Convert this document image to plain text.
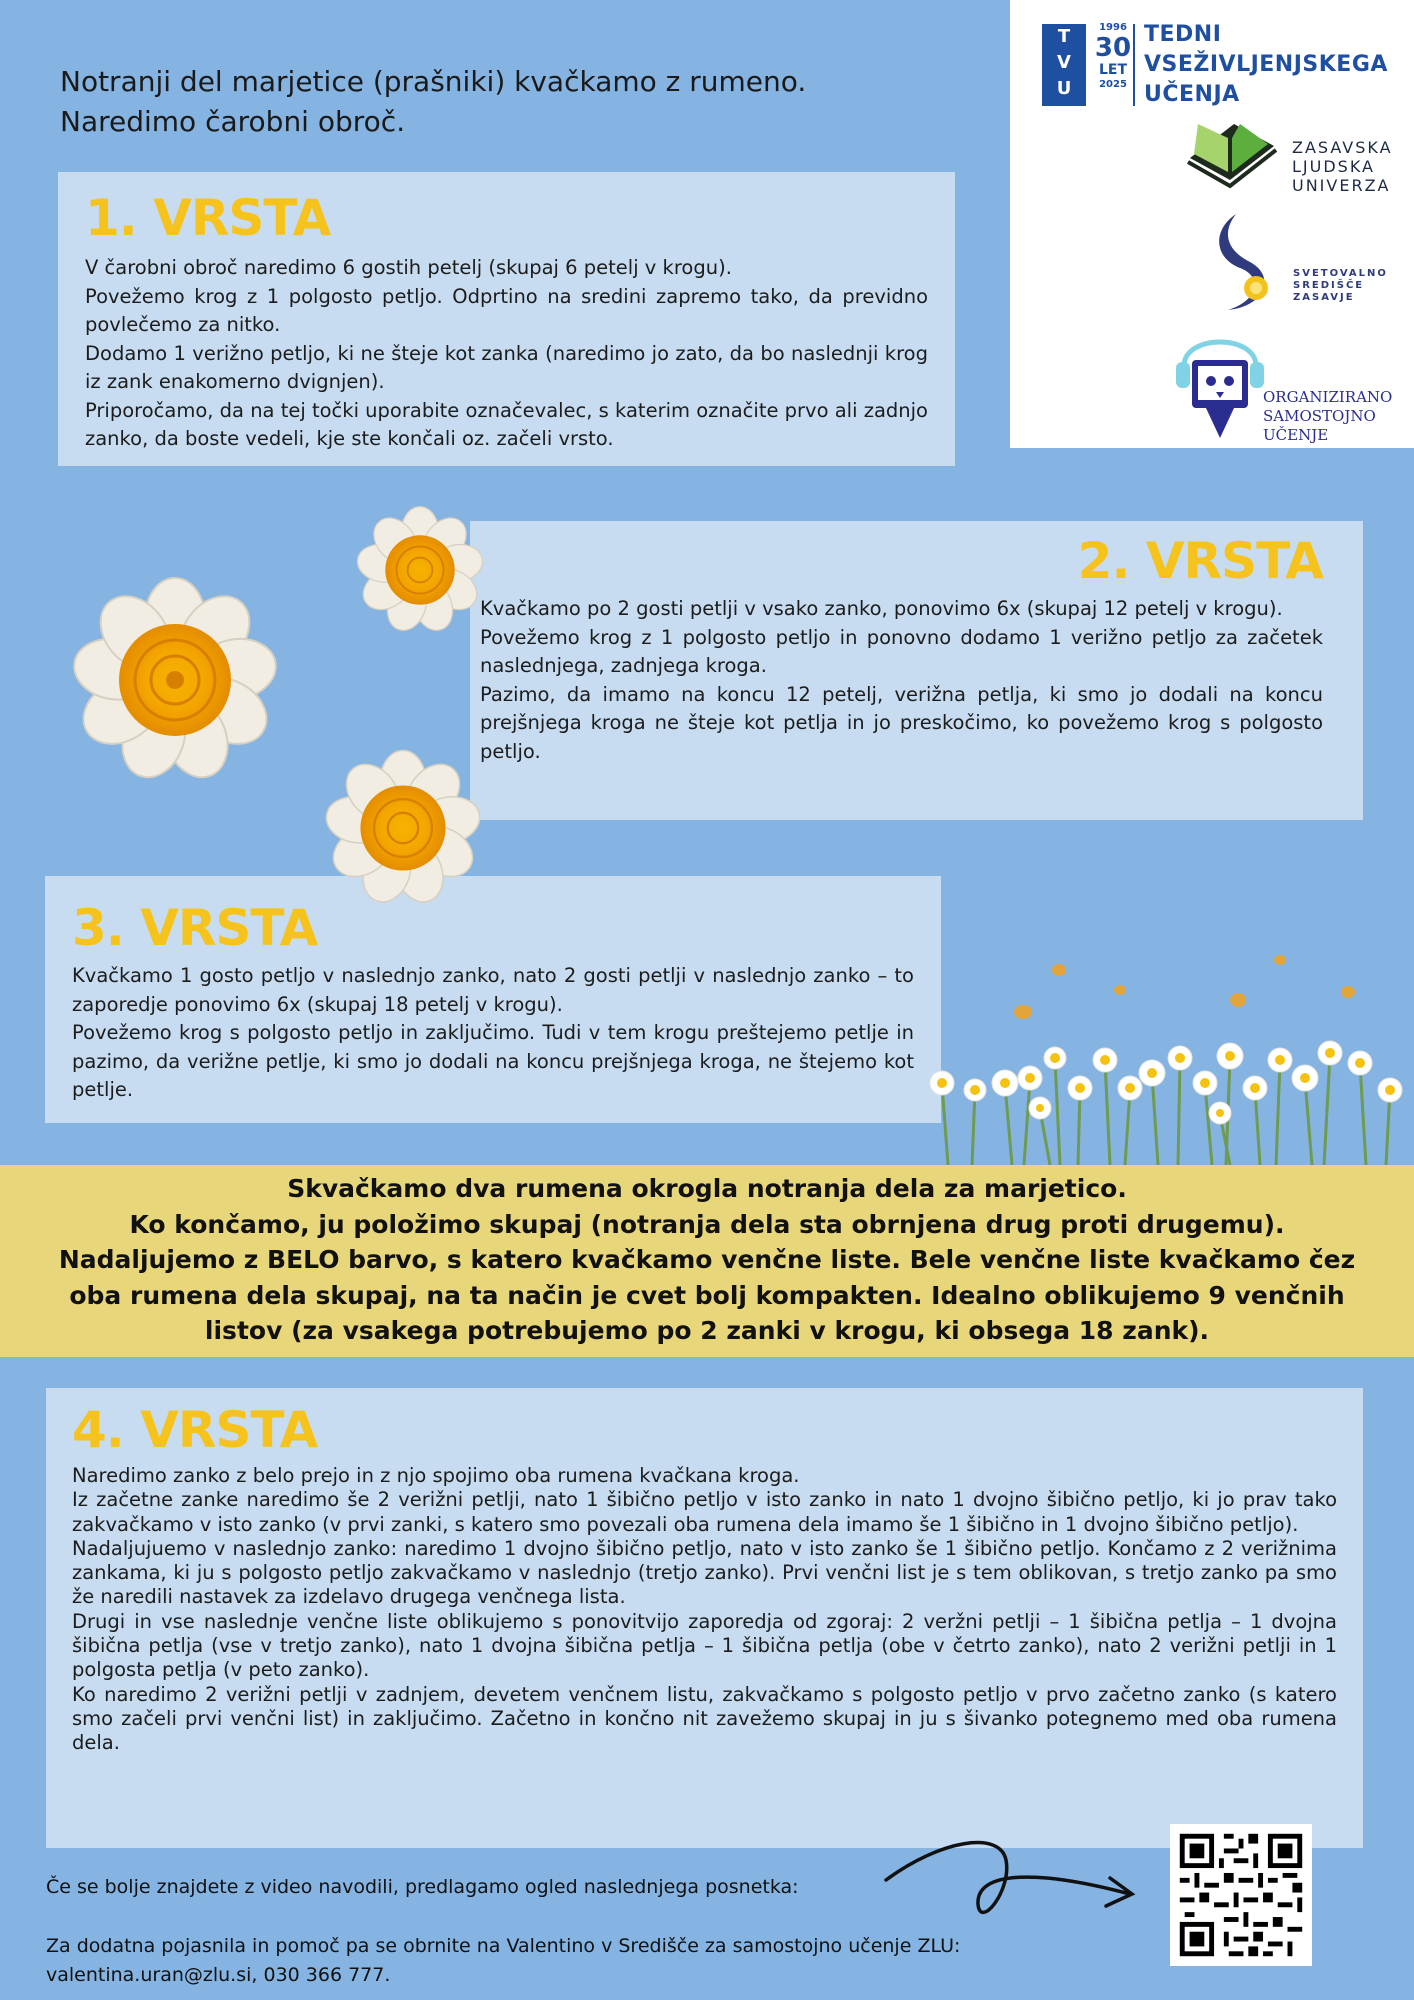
Notranji del marjetice (prašniki) kvačkamo z rumeno.
Naredimo čarobni obroč.
T
V
U
1996
30
LET
2025
TEDNI
VSEŽIVLJENJSKEGA
UČENJA
ZASAVSKA
LJUDSKA
UNIVERZA
SVETOVALNO
SREDIŠČE
ZASAVJE
ORGANIZIRANO
SAMOSTOJNO
UČENJE
1. VRSTA

V čarobni obroč naredimo 6 gostih petelj (skupaj 6 petelj v krogu).

Povežemo krog z 1 polgosto petljo. Odprtino na sredini zapremo tako, da previdno povlečemo za nitko.

Dodamo 1 verižno petljo, ki ne šteje kot zanka (naredimo jo zato, da bo naslednji krog iz zank enakomerno dvignjen).

Priporočamo, da na tej točki uporabite označevalec, s katerim označite prvo ali zadnjo zanko, da boste vedeli, kje ste končali oz. začeli vrsto.

2. VRSTA

Kvačkamo po 2 gosti petlji v vsako zanko, ponovimo 6x (skupaj 12 petelj v krogu).

Povežemo krog z 1 polgosto petljo in ponovno dodamo 1 verižno petljo za začetek naslednjega, zadnjega kroga.

Pazimo, da imamo na koncu 12 petelj, verižna petlja, ki smo jo dodali na koncu prejšnjega kroga ne šteje kot petlja in jo preskočimo, ko povežemo krog s polgosto petljo.

3. VRSTA

Kvačkamo 1 gosto petljo v naslednjo zanko, nato 2 gosti petlji v naslednjo zanko – to zaporedje ponovimo 6x (skupaj 18 petelj v krogu).

Povežemo krog s polgosto petljo in zaključimo. Tudi v tem krogu preštejemo petlje in pazimo, da verižne petlje, ki smo jo dodali na koncu prejšnjega kroga, ne štejemo kot petlje.

Skvačkamo dva rumena okrogla notranja dela za marjetico.

Ko končamo, ju položimo skupaj (notranja dela sta obrnjena drug proti drugemu). Nadaljujemo z BELO barvo, s katero kvačkamo venčne liste. Bele venčne liste kvačkamo čez oba rumena dela skupaj, na ta način je cvet bolj kompakten. Idealno oblikujemo 9 venčnih listov (za vsakega potrebujemo po 2 zanki v krogu, ki obsega 18 zank).

4. VRSTA

Naredimo zanko z belo prejo in z njo spojimo oba rumena kvačkana kroga.

Iz začetne zanke naredimo še 2 verižni petlji, nato 1 šibično petljo v isto zanko in nato 1 dvojno šibično petljo, ki jo prav tako zakvačkamo v isto zanko (v prvi zanki, s katero smo povezali oba rumena dela imamo še 1 šibično in 1 dvojno šibično petljo).

Nadaljujuemo v naslednjo zanko: naredimo 1 dvojno šibično petljo, nato v isto zanko še 1 šibično petljo. Končamo z 2 verižnima zankama, ki ju s polgosto petljo zakvačkamo v naslednjo (tretjo zanko). Prvi venčni list je s tem oblikovan, s tretjo zanko pa smo že naredili nastavek za izdelavo drugega venčnega lista.

Drugi in vse naslednje venčne liste oblikujemo s ponovitvijo zaporedja od zgoraj: 2 veržni petlji – 1 šibična petlja – 1 dvojna šibična petlja (vse v tretjo zanko), nato 1 dvojna šibična petlja – 1 šibična petlja (obe v četrto zanko), nato 2 verižni petlji in 1 polgosta petlja (v peto zanko).

Ko naredimo 2 verižni petlji v zadnjem, devetem venčnem listu, zakvačkamo s polgosto petljo v prvo začetno zanko (s katero smo začeli prvi venčni list) in zaključimo. Začetno in končno nit zavežemo skupaj in ju s šivanko potegnemo med oba rumena dela.

Če se bolje znajdete z video navodili, predlagamo ogled naslednjega posnetka:
Za dodatna pojasnila in pomoč pa se obrnite na Valentino v Središče za samostojno učenje ZLU:
valentina.uran@zlu.si, 030 366 777.
